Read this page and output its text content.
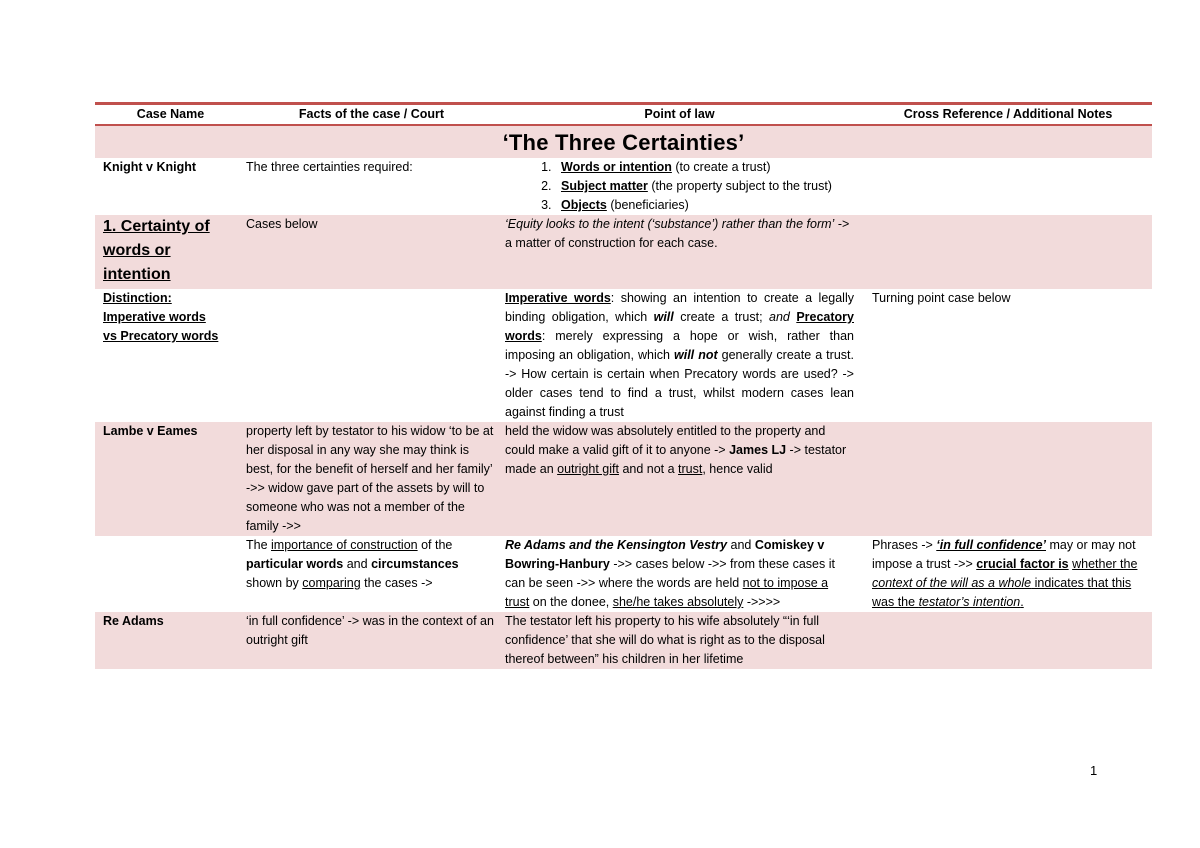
Case Name	Facts of the case / Court	Point of law	Cross Reference / Additional Notes
‘The Three Certainties’
Knight v Knight	The three certainties required:
1.	Words or intention (to create a trust)
2. Subject matter (the property subject to the trust)
3. Objects (beneficiaries)
1. Certainty of words or intention
Cases below	‘Equity looks to the intent (‘substance’) rather than the form’ -> a matter of construction for each case.
Distinction:
Imperative words
vs Precatory words
Imperative words: showing an intention to create a legally binding obligation, which will create a trust; and Precatory words: merely expressing a hope or wish, rather than imposing an obligation, which will not generally create a trust. -> How certain is certain when Precatory words are used? -> older cases tend to find a trust, whilst modern cases lean against finding a trust
Turning point case below
Lambe v Eames	property left by testator to his widow ‘to be at her disposal in any way she may think is best, for the benefit of herself and her family’ ->> widow gave part of the assets by will to someone who was not a member of the family ->>
held the widow was absolutely entitled to the property and could make a valid gift of it to anyone -> James LJ -> testator made an outright gift and not a trust, hence valid
The importance of construction of the particular words and circumstances shown by comparing the cases ->
Re Adams and the Kensington Vestry and Comiskey v Bowring-Hanbury ->> cases below ->> from these cases it can be seen ->> where the words are held not to impose a trust on the donee, she/he takes absolutely ->>>>
Phrases -> ‘in full confidence’ may or may not impose a trust ->> crucial factor is whether the context of the will as a whole indicates that this was the testator’s intention.
Re Adams	‘in full confidence’ -> was in the context of an outright gift
The testator left his property to his wife absolutely “‘in full confidence’ that she will do what is right as to the disposal thereof between” his children in her lifetime
1
